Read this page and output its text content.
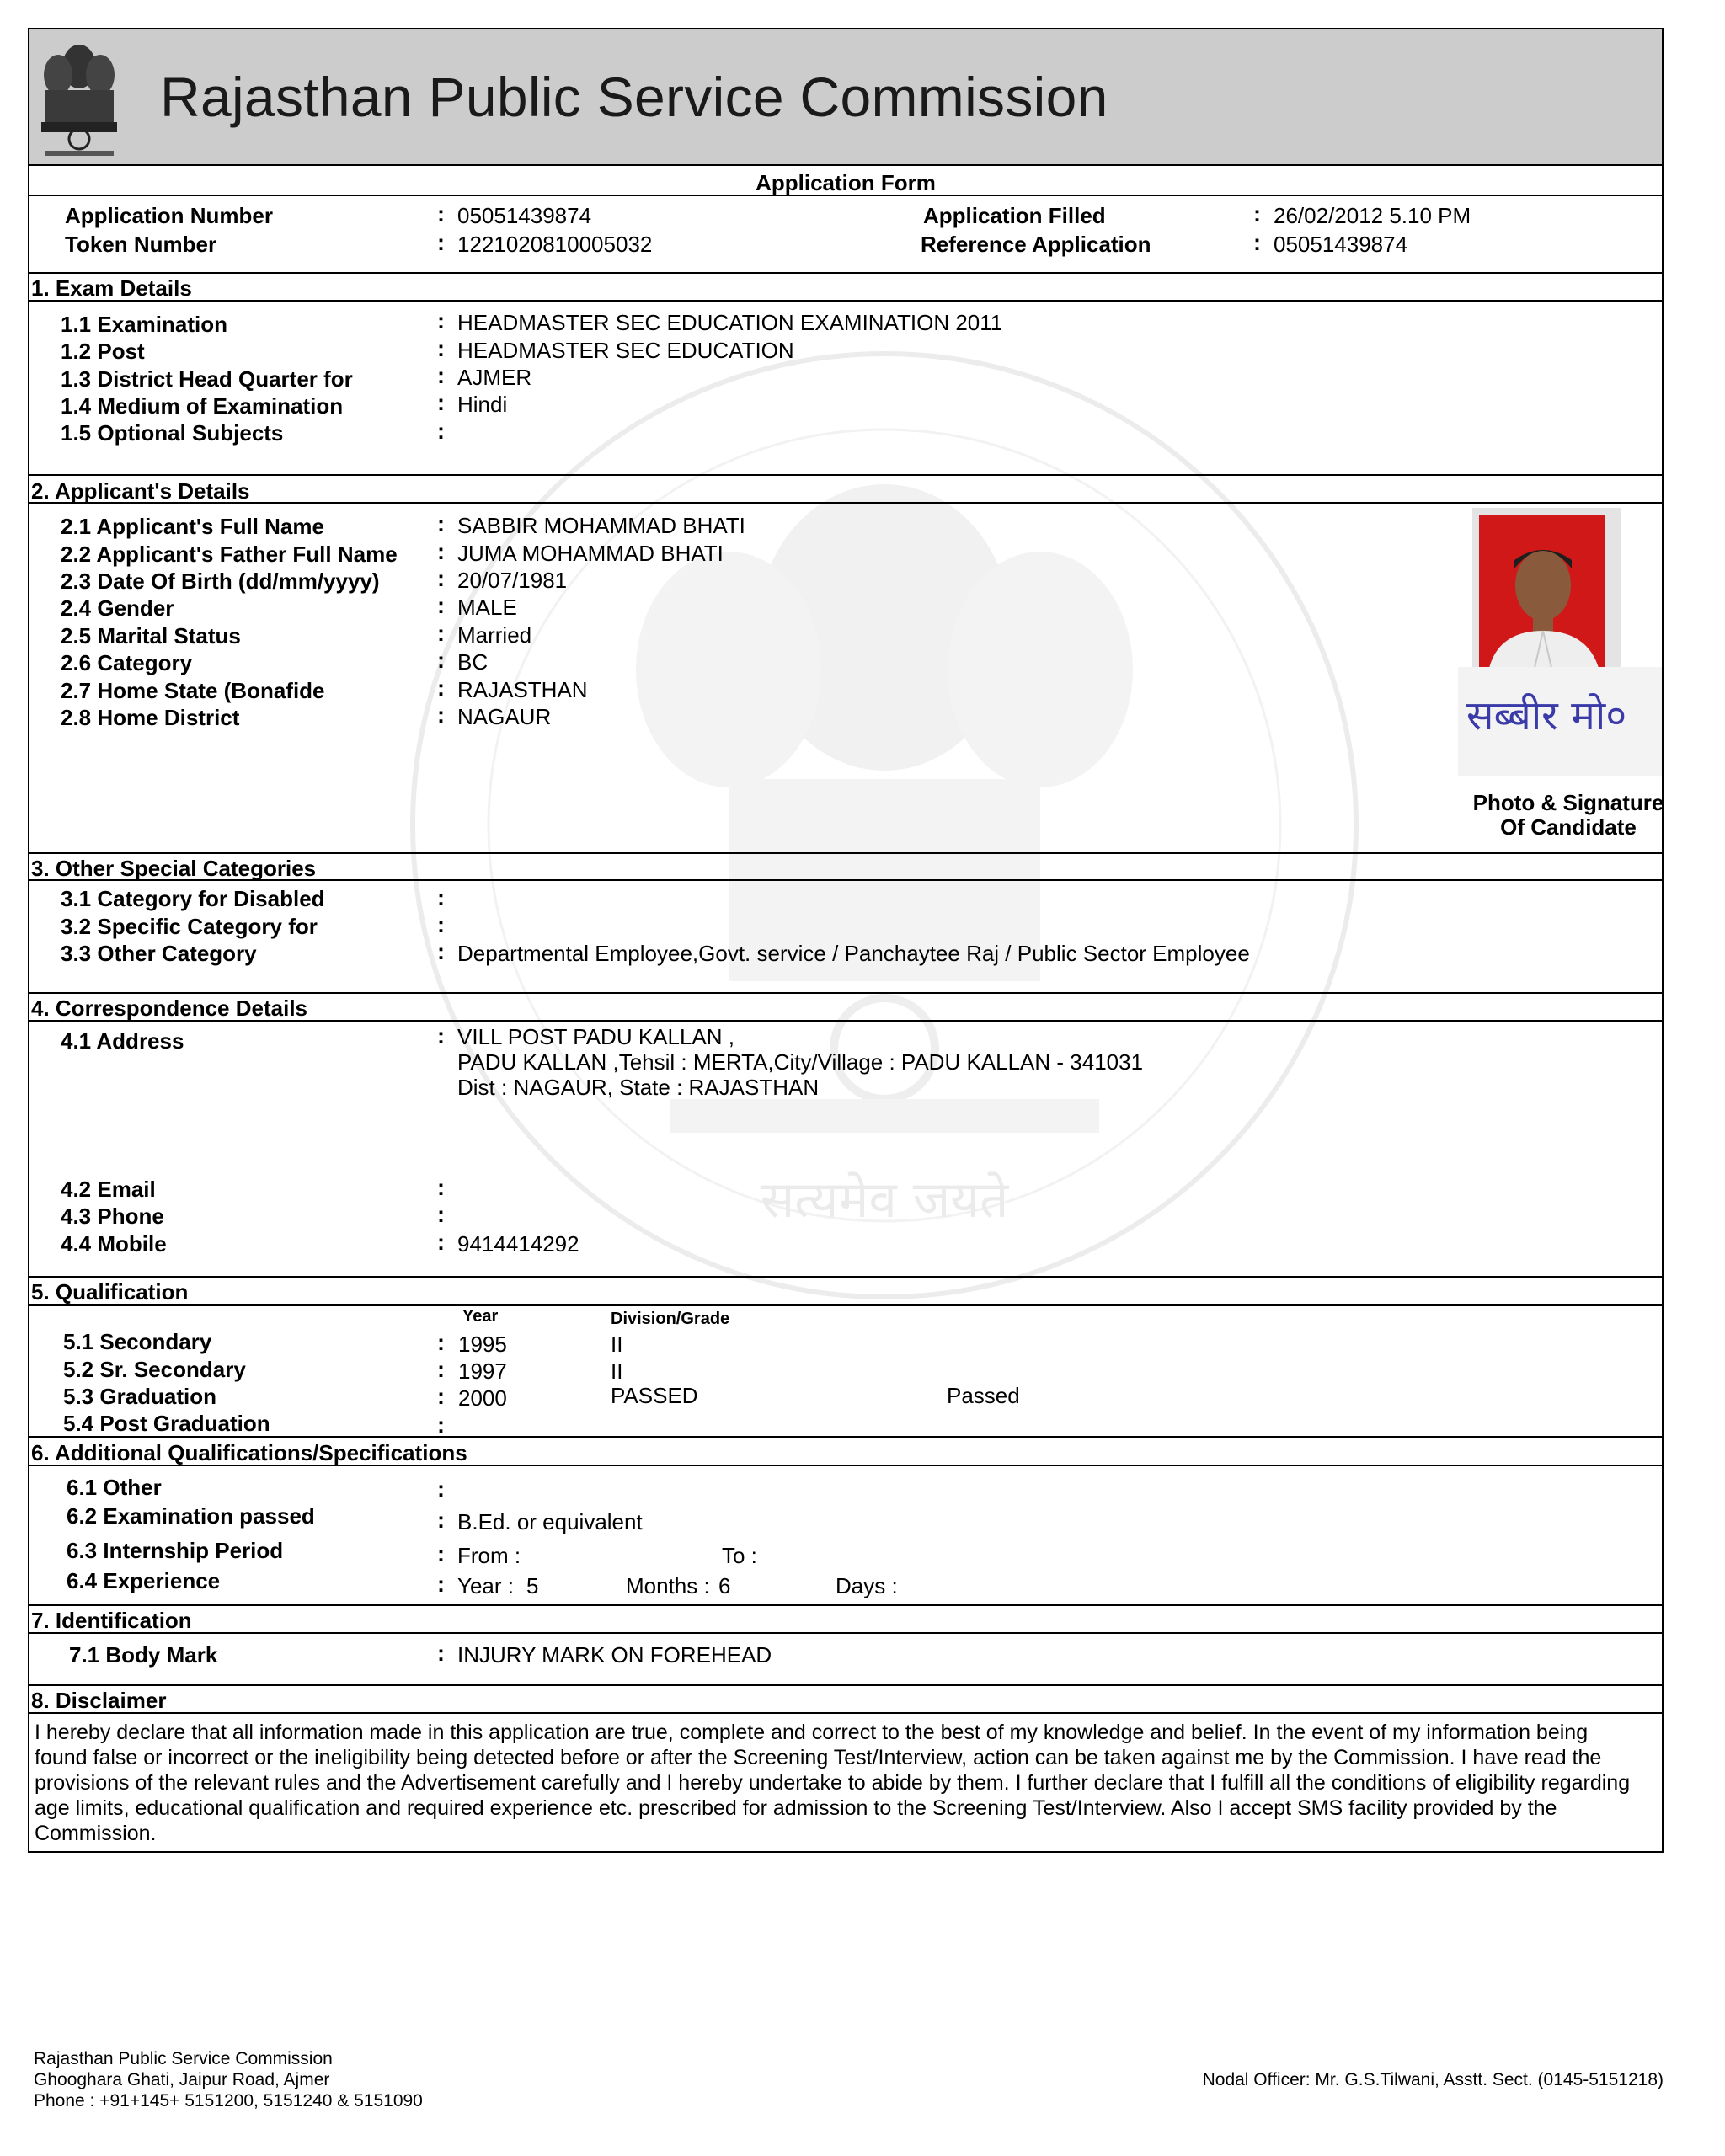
सत्यमेव जयते
Rajasthan Public Service Commission
Application Form
Application Number	: 05051439874	Application Filled	: 26/02/2012 5.10 PM
Token Number	: 1221020810005032	Reference Application	: 05051439874
1. Exam Details
1.1 Examination	: HEADMASTER SEC EDUCATION EXAMINATION 2011
1.2 Post	: HEADMASTER SEC EDUCATION
1.3 District Head Quarter for	: AJMER
1.4 Medium of Examination	: Hindi
1.5 Optional Subjects	:
2. Applicant's Details
2.1 Applicant's Full Name	: SABBIR MOHAMMAD BHATI
2.2 Applicant's Father Full Name : JUMA MOHAMMAD BHATI
2.3 Date Of Birth (dd/mm/yyyy)	: 20/07/1981
2.4 Gender	: MALE
2.5 Marital Status	: Married
2.6 Category	: BC
2.7 Home State (Bonafide	: RAJASTHAN
2.8 Home District	: NAGAUR	सब्बीर मो०
Photo & Signature
Of Candidate
3. Other Special Categories
3.1 Category for Disabled	:
3.2 Specific Category for	:
3.3 Other Category	: Departmental Employee,Govt. service / Panchaytee Raj / Public Sector Employee
4. Correspondence Details
4.1 Address	: VILL POST PADU KALLAN ,
PADU KALLAN ,Tehsil : MERTA,City/Village : PADU KALLAN - 341031
Dist : NAGAUR, State : RAJASTHAN
4.2 Email	:
4.3 Phone	:
4.4 Mobile	: 9414414292
5. Qualification
Year	Division/Grade
5.1 Secondary	: 1995	II
5.2 Sr. Secondary	: 1997	II
5.3 Graduation	: 2000	PASSED	Passed
5.4 Post Graduation	:
6. Additional Qualifications/Specifications
6.1 Other	:
6.2 Examination passed	: B.Ed. or equivalent
6.3 Internship Period	: From :	To :
6.4 Experience	: Year : 5	Months : 6	Days :
7. Identification
7.1 Body Mark	: INJURY MARK ON FOREHEAD
8. Disclaimer
I hereby declare that all information made in this application are true, complete and correct to the best of my knowledge and belief. In the event of my information being found false or incorrect or the ineligibility being detected before or after the Screening Test/Interview, action can be taken against me by the Commission. I have read the provisions of the relevant rules and the Advertisement carefully and I hereby undertake to abide by them. I further declare that I fulfill all the conditions of eligibility regarding age limits, educational qualification and required experience etc. prescribed for admission to the Screening Test/Interview. Also I accept SMS facility provided by the Commission.
Rajasthan Public Service Commission
Ghooghara Ghati, Jaipur Road, Ajmer
Phone : +91+145+ 5151200, 5151240 & 5151090
Nodal Officer: Mr. G.S.Tilwani, Asstt. Sect. (0145-5151218)
